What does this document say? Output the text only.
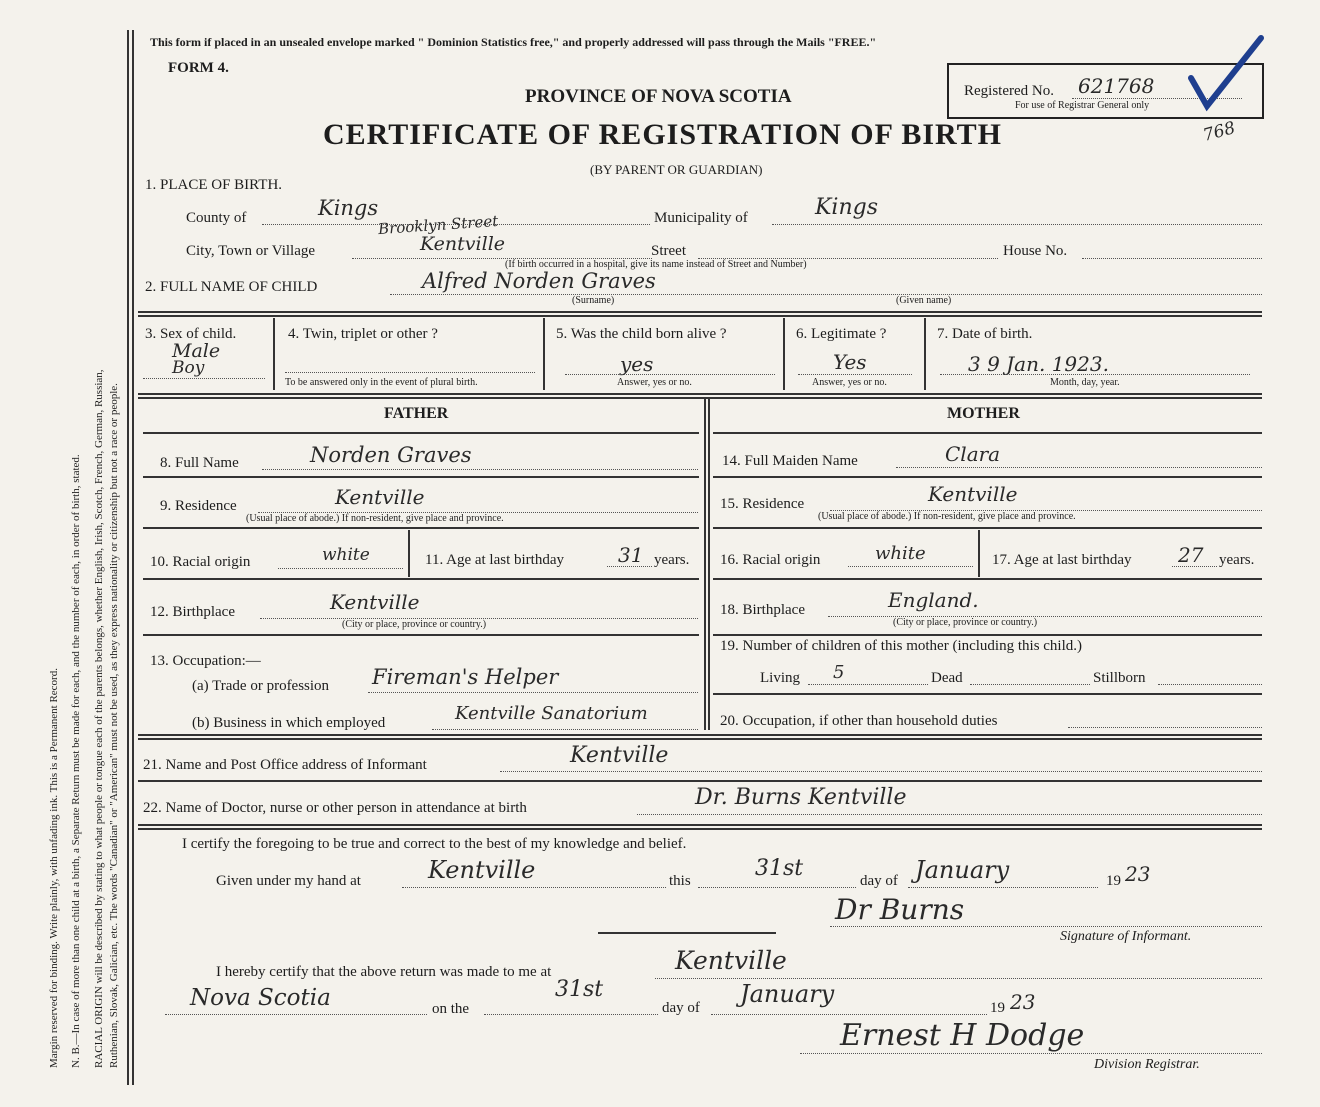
Margin reserved for binding. Write plainly, with unfading ink. This is a Permanent Record. N. B.—In case of more than one child at a birth, a Separate Return must be made for each, and the number of each, in order of birth, stated. RACIAL ORIGIN will be described by stating to what people or tongue each of the parents belongs, whether English, Irish, Scotch, French, German, Russian, Ruthenian, Slovak, Galician, etc. The words "Canadian" or "American" must not be used, as they express nationality or citizenship but not a race or people.
This form if placed in an unsealed envelope marked " Dominion Statistics free," and properly addressed will pass through the Mails "FREE."
FORM 4.
PROVINCE OF NOVA SCOTIA
CERTIFICATE OF REGISTRATION OF BIRTH
(BY PARENT OR GUARDIAN)
Registered No. 621768
For use of Registrar General only
768
1. PLACE OF BIRTH.
County of	Kings
Brooklyn Street	Municipality of	Kings
City, Town or Village	Kentville	Street	House No.
(If birth occurred in a hospital, give its name instead of Street and Number)
2. FULL NAME OF CHILD	Alfred Norden Graves
(Surname)	(Given name)
3. Sex of child.
Male
Boy
4. Twin, triplet or other ?
To be answered only in the event of plural birth.
5. Was the child born alive ?
yes
Answer, yes or no.
6. Legitimate ?
Yes
Answer, yes or no.
7. Date of birth.
3 9 Jan. 1923.
Month, day, year.
FATHER	MOTHER
8. Full Name	Norden Graves
9. Residence	Kentville
(Usual place of abode.) If non-resident, give place and province.
10. Racial origin	white	11. Age at last birthday	31 years.
12. Birthplace	Kentville
(City or place, province or country.)
13. Occupation:—
(a) Trade or profession Fireman's Helper
(b) Business in which employed	Kentville Sanatorium
14. Full Maiden Name	Clara
15. Residence	Kentville
(Usual place of abode.) If non-resident, give place and province.
16. Racial origin	white	17. Age at last birthday 27 years.
18. Birthplace	England.
(City or place, province or country.)
19. Number of children of this mother (including this child.)
Living 5	Dead	Stillborn
20. Occupation, if other than household duties
21. Name and Post Office address of Informant	Kentville
22. Name of Doctor, nurse or other person in attendance at birth	Dr. Burns Kentville
I certify the foregoing to be true and correct to the best of my knowledge and belief.
Given under my hand at	Kentville	this	31st	day of January	19 23
Dr Burns
Signature of Informant.
I hereby certify that the above return was made to me at	Kentville
Nova Scotia	on the
31st
day of January	19 23
Ernest H Dodge
Division Registrar.
